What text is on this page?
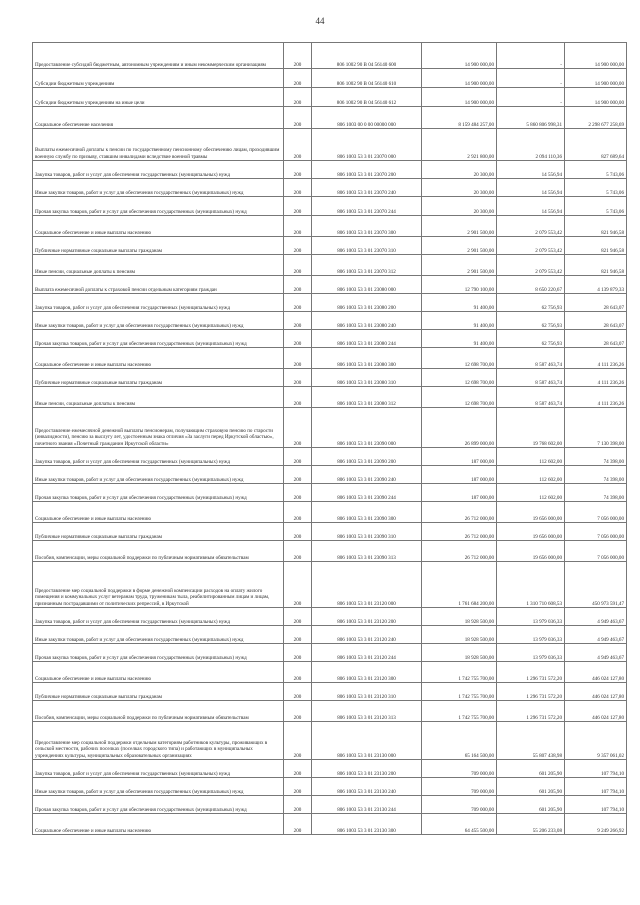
44
Предоставление субсидий бюджетным, автономным учреждениям и иным некоммерческим организациям	200	806 1002 90 В 04 56140 600	14 900 000,00	-	14 900 000,00
Субсидии бюджетным учреждениям	200	806 1002 90 В 04 56140 610	14 900 000,00	-	14 900 000,00
Субсидии бюджетным учреждениям на иные цели	200	806 1002 90 В 04 56140 612	14 900 000,00	-	14 900 000,00
Социальное обеспечение населения	200	806 1003 00 0 00 00000 000	8 159 484 257,00	5 860 806 998,31	2 298 677 258,69
Выплаты ежемесячной доплаты к пенсии по государственному пенсионному обеспечению лицам, проходившим военную службу по призыву, ставшим инвалидами вследствие военной травмы	200	806 1003 53 3 01 23070 000	2 921 800,00	2 094 110,36	827 689,64
Закупка товаров, работ и услуг для обеспечения государственных (муниципальных) нужд	200	806 1003 53 3 01 23070 200	20 300,00	14 556,94	5 743,06
Иные закупки товаров, работ и услуг для обеспечения государственных (муниципальных) нужд	200	806 1003 53 3 01 23070 240	20 300,00	14 556,94	5 743,06
Прочая закупка товаров, работ и услуг для обеспечения государственных (муниципальных) нужд	200	806 1003 53 3 01 23070 244	20 300,00	14 556,94	5 743,06
Социальное обеспечение и иные выплаты населению	200	806 1003 53 3 01 23070 300	2 901 500,00	2 079 553,42	821 946,58
Публичные нормативные социальные выплаты гражданам	200	806 1003 53 3 01 23070 310	2 901 500,00	2 079 553,42	821 946,58
Иные пенсии, социальные доплаты к пенсиям	200	806 1003 53 3 01 23070 312	2 901 500,00	2 079 553,42	821 946,58
Выплата ежемесячной доплаты к страховой пенсии отдельным категориям граждан	200	806 1003 53 3 01 23080 000	12 790 100,00	8 650 220,67	4 139 879,33
Закупка товаров, работ и услуг для обеспечения государственных (муниципальных) нужд	200	806 1003 53 3 01 23080 200	91 400,00	62 756,93	28 643,07
Иные закупки товаров, работ и услуг для обеспечения государственных (муниципальных) нужд	200	806 1003 53 3 01 23080 240	91 400,00	62 756,93	28 643,07
Прочая закупка товаров, работ и услуг для обеспечения государственных (муниципальных) нужд	200	806 1003 53 3 01 23080 244	91 400,00	62 756,93	28 643,07
Социальное обеспечение и иные выплаты населению	200	806 1003 53 3 01 23080 300	12 698 700,00	8 587 463,74	4 111 236,26
Публичные нормативные социальные выплаты гражданам	200	806 1003 53 3 01 23080 310	12 698 700,00	8 587 463,74	4 111 236,26
Иные пенсии, социальные доплаты к пенсиям	200	806 1003 53 3 01 23080 312	12 698 700,00	8 587 463,74	4 111 236,26
Предоставление ежемесячной денежной выплаты пенсионерам, получающим страховую пенсию по старости (инвалидности), пенсию за выслугу лет, удостоенным знака отличия «За заслуги перед Иркутской областью», почетного звания «Почетный гражданин Иркутской области»	200	806 1003 53 3 01 23090 000	26 899 000,00	19 768 602,00	7 130 398,00
Закупка товаров, работ и услуг для обеспечения государственных (муниципальных) нужд	200	806 1003 53 3 01 23090 200	187 000,00	112 602,00	74 398,00
Иные закупки товаров, работ и услуг для обеспечения государственных (муниципальных) нужд	200	806 1003 53 3 01 23090 240	187 000,00	112 602,00	74 398,00
Прочая закупка товаров, работ и услуг для обеспечения государственных (муниципальных) нужд	200	806 1003 53 3 01 23090 244	187 000,00	112 602,00	74 398,00
Социальное обеспечение и иные выплаты населению	200	806 1003 53 3 01 23090 300	26 712 000,00	19 656 000,00	7 056 000,00
Публичные нормативные социальные выплаты гражданам	200	806 1003 53 3 01 23090 310	26 712 000,00	19 656 000,00	7 056 000,00
Пособия, компенсации, меры социальной поддержки по публичным нормативным обязательствам	200	806 1003 53 3 01 23090 313	26 712 000,00	19 656 000,00	7 056 000,00
Предоставление мер социальной поддержки в форме денежной компенсации расходов на оплату жилого помещения и коммунальных услуг ветеранам труда, труженикам тыла, реабилитированным лицам и лицам, признанным пострадавшими от политических репрессий, в Иркутской	200	806 1003 53 3 01 23120 000	1 761 684 200,00	1 310 710 608,53	450 973 591,47
Закупка товаров, работ и услуг для обеспечения государственных (муниципальных) нужд	200	806 1003 53 3 01 23120 200	18 928 500,00	13 979 036,33	4 949 463,67
Иные закупки товаров, работ и услуг для обеспечения государственных (муниципальных) нужд	200	806 1003 53 3 01 23120 240	18 928 500,00	13 979 036,33	4 949 463,67
Прочая закупка товаров, работ и услуг для обеспечения государственных (муниципальных) нужд	200	806 1003 53 3 01 23120 244	18 928 500,00	13 979 036,33	4 949 463,67
Социальное обеспечение и иные выплаты населению	200	806 1003 53 3 01 23120 300	1 742 755 700,00	1 296 731 572,20	446 024 127,80
Публичные нормативные социальные выплаты гражданам	200	806 1003 53 3 01 23120 310	1 742 755 700,00	1 296 731 572,20	446 024 127,80
Пособия, компенсации, меры социальной поддержки по публичным нормативным обязательствам	200	806 1003 53 3 01 23120 313	1 742 755 700,00	1 296 731 572,20	446 024 127,80
Предоставление мер социальной поддержки отдельным категориям работников культуры, проживающих в сельской местности, рабочих поселках (поселках городского типа) и работающих в муниципальных учреждениях культуры, муниципальных образовательных организациях	200	806 1003 53 3 01 23130 000	65 164 500,00	55 807 438,98	9 357 061,02
Закупка товаров, работ и услуг для обеспечения государственных (муниципальных) нужд	200	806 1003 53 3 01 23130 200	709 000,00	601 205,90	107 794,10
Иные закупки товаров, работ и услуг для обеспечения государственных (муниципальных) нужд	200	806 1003 53 3 01 23130 240	709 000,00	601 205,90	107 794,10
Прочая закупка товаров, работ и услуг для обеспечения государственных (муниципальных) нужд	200	806 1003 53 3 01 23130 244	709 000,00	601 205,90	107 794,10
Социальное обеспечение и иные выплаты населению	200	806 1003 53 3 01 23130 300	64 455 500,00	55 206 233,08	9 249 266,92
